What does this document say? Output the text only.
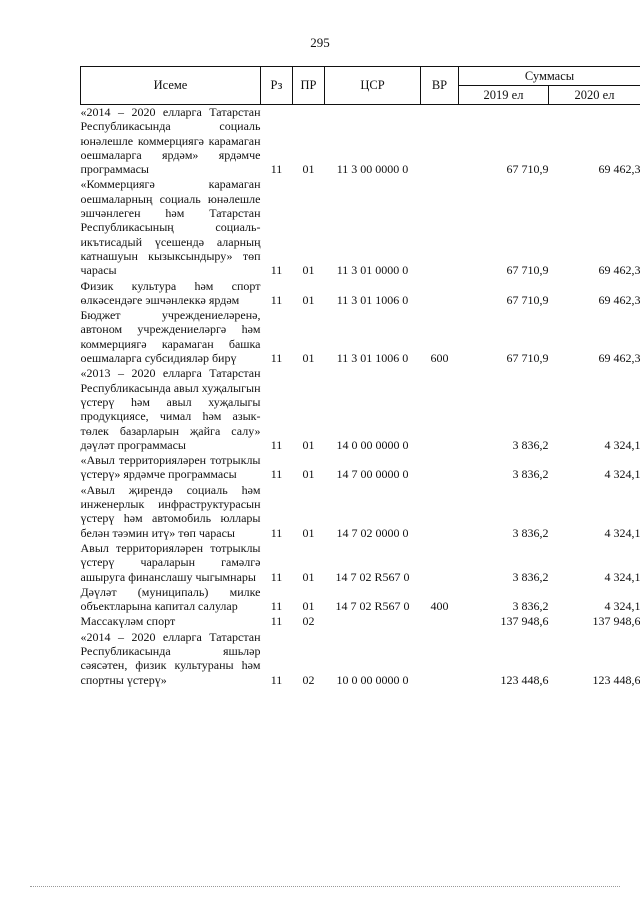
295
Исеме	Рз	ПР	ЦСР	ВР	Суммасы	
					2019 ел	2020 ел
«2014 – 2020 елларга Татарстан Республикасында социаль юнәлешле коммерциягә карамаган оешмаларга ярдәм» ярдәмче программасы	11	01	11 3 00 0000 0		67 710,9	69 462,3
«Коммерциягә карамаган оешмаларның социаль юнәлешле эшчәнлеген һәм Татарстан Республикасының социаль-икътисадый үсешендә аларның катнашуын кызыксындыру» төп чарасы	11	01	11 3 01 0000 0		67 710,9	69 462,3
Физик культура һәм спорт өлкәсендәге эшчәнлеккә ярдәм	11	01	11 3 01 1006 0		67 710,9	69 462,3
Бюджет учреждениеләренә, автоном учреждениеләргә һәм коммерциягә карамаган башка оешмаларга субсидияләр бирү	11	01	11 3 01 1006 0	600	67 710,9	69 462,3
«2013 – 2020 елларга Татарстан Республикасында авыл хуҗалыгын үстерү һәм авыл хуҗалыгы продукциясе, чимал һәм азык-төлек базарларын җайга салу» дәүләт программасы	11	01	14 0 00 0000 0		3 836,2	4 324,1
«Авыл территорияләрен тотрыклы үстерү» ярдәмче программасы	11	01	14 7 00 0000 0		3 836,2	4 324,1
«Авыл җирендә социаль һәм инженерлык инфраструктурасын үстерү һәм автомобиль юллары белән тәэмин итү» төп чарасы	11	01	14 7 02 0000 0		3 836,2	4 324,1
Авыл территорияләрен тотрыклы үстерү чараларын гамәлгә ашыруга финанслашу чыгымнары	11	01	14 7 02 R567 0		3 836,2	4 324,1
Дәүләт (муниципаль) милке объектларына капитал салулар	11	01	14 7 02 R567 0	400	3 836,2	4 324,1
Массакүләм спорт	11	02			137 948,6	137 948,6
«2014 – 2020 елларга Татарстан Республикасында яшьләр сәясәтен, физик культураны һәм спортны үстерү»	11	02	10 0 00 0000 0		123 448,6	123 448,6
